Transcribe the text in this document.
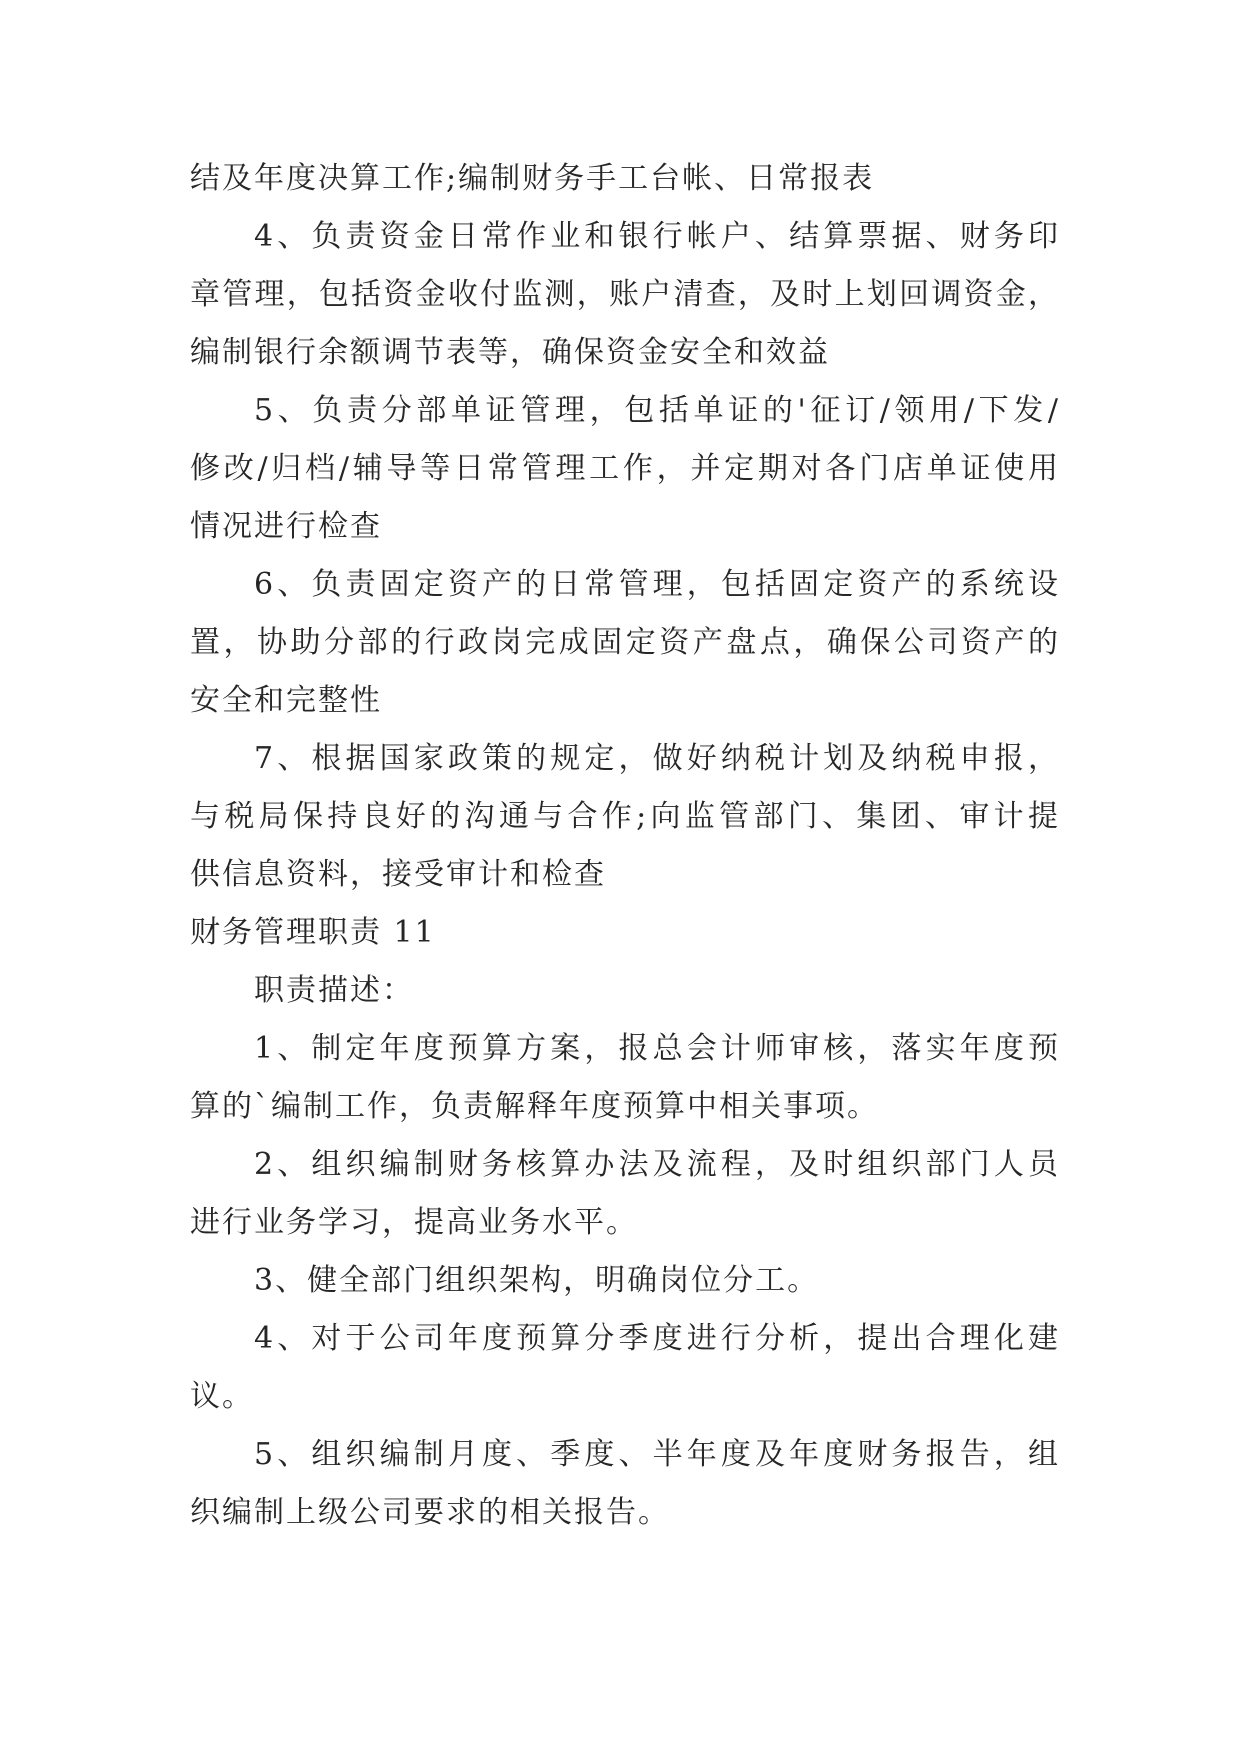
结及年度决算工作;编制财务手工台帐、日常报表
4、负责资金日常作业和银行帐户、结算票据、财务印
章管理，包括资金收付监测，账户清查，及时上划回调资金，
编制银行余额调节表等，确保资金安全和效益
5、负责分部单证管理，包括单证的'征订/领用/下发/
修改/归档/辅导等日常管理工作，并定期对各门店单证使用
情况进行检查
6、负责固定资产的日常管理，包括固定资产的系统设
置，协助分部的行政岗完成固定资产盘点，确保公司资产的
安全和完整性
7、根据国家政策的规定，做好纳税计划及纳税申报，
与税局保持良好的沟通与合作;向监管部门、集团、审计提
供信息资料，接受审计和检查
财务管理职责 11
职责描述：
1、制定年度预算方案，报总会计师审核，落实年度预
算的`编制工作，负责解释年度预算中相关事项。
2、组织编制财务核算办法及流程，及时组织部门人员
进行业务学习，提高业务水平。
3、健全部门组织架构，明确岗位分工。
4、对于公司年度预算分季度进行分析，提出合理化建
议。
5、组织编制月度、季度、半年度及年度财务报告，组
织编制上级公司要求的相关报告。
